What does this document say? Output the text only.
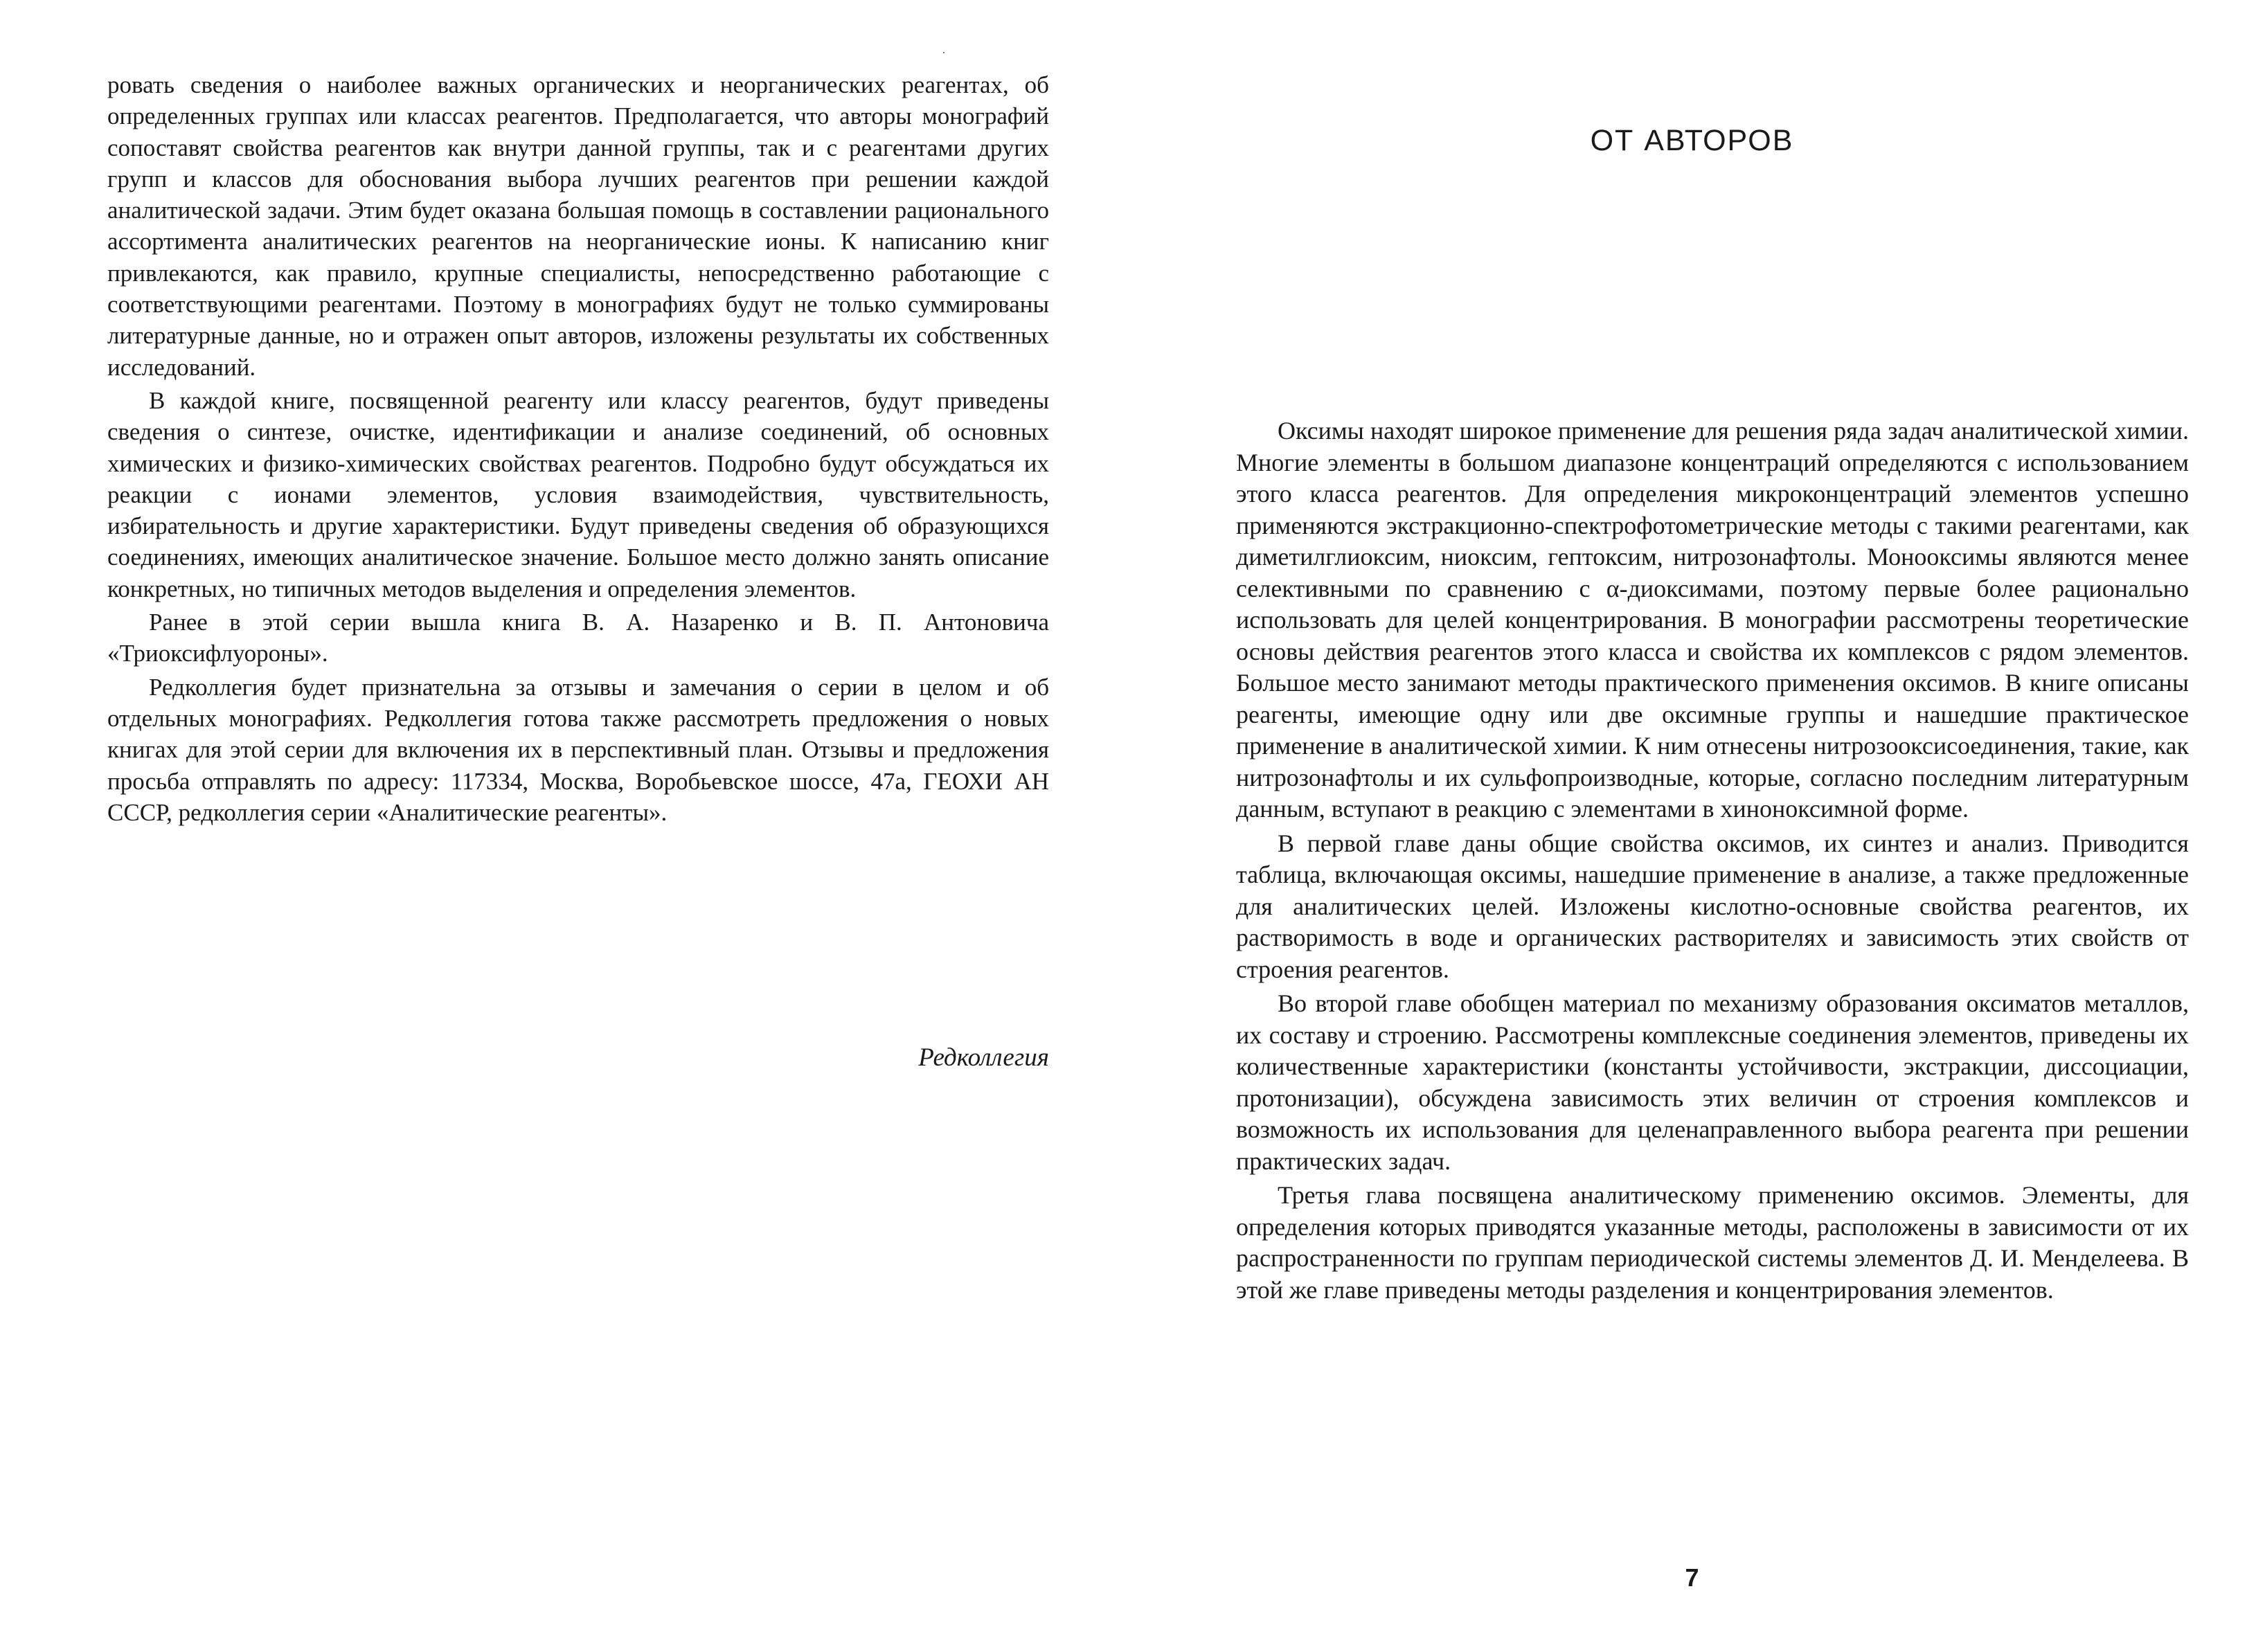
ровать сведения о наиболее важных органических и неорганических реагентах, об определенных группах или классах реагентов. Предполагается, что авторы монографий сопоставят свойства реагентов как внутри данной группы, так и с реагентами других групп и классов для обоснования выбора лучших реагентов при решении каждой аналитической задачи. Этим будет оказана большая помощь в составлении рационального ассортимента аналитических реагентов на неорганические ионы. К написанию книг привлекаются, как правило, крупные специалисты, непосредственно работающие с соответствующими реагентами. Поэтому в монографиях будут не только суммированы литературные данные, но и отражен опыт авторов, изложены результаты их собственных исследований.

В каждой книге, посвященной реагенту или классу реагентов, будут приведены сведения о синтезе, очистке, идентификации и анализе соединений, об основных химических и физико-химических свойствах реагентов. Подробно будут обсуждаться их реакции с ионами элементов, условия взаимодействия, чувствительность, избирательность и другие характеристики. Будут приведены сведения об образующихся соединениях, имеющих аналитическое значение. Большое место должно занять описание конкретных, но типичных методов выделения и определения элементов.

Ранее в этой серии вышла книга В. А. Назаренко и В. П. Антоновича «Триоксифлуороны».

Редколлегия будет признательна за отзывы и замечания о серии в целом и об отдельных монографиях. Редколлегия готова также рассмотреть предложения о новых книгах для этой серии для включения их в перспективный план. Отзывы и предложения просьба отправлять по адресу: 117334, Москва, Воробьевское шоссе, 47а, ГЕОХИ АН СССР, редколлегия серии «Аналитические реагенты».

Редколлегия
ОТ АВТОРОВ

Оксимы находят широкое применение для решения ряда задач аналитической химии. Многие элементы в большом диапазоне концентраций определяются с использованием этого класса реагентов. Для определения микроконцентраций элементов успешно применяются экстракционно-спектрофотометрические методы с такими реагентами, как диметилглиоксим, ниоксим, гептоксим, нитрозонафтолы. Монооксимы являются менее селективными по сравнению с α-диоксимами, поэтому первые более рационально использовать для целей концентрирования. В монографии рассмотрены теоретические основы действия реагентов этого класса и свойства их комплексов с рядом элементов. Большое место занимают методы практического применения оксимов. В книге описаны реагенты, имеющие одну или две оксимные группы и нашедшие практическое применение в аналитической химии. К ним отнесены нитрозооксисоединения, такие, как нитрозонафтолы и их сульфопроизводные, которые, согласно последним литературным данным, вступают в реакцию с элементами в хиноноксимной форме.

В первой главе даны общие свойства оксимов, их синтез и анализ. Приводится таблица, включающая оксимы, нашедшие применение в анализе, а также предложенные для аналитических целей. Изложены кислотно-основные свойства реагентов, их растворимость в воде и органических растворителях и зависимость этих свойств от строения реагентов.

Во второй главе обобщен материал по механизму образования оксиматов металлов, их составу и строению. Рассмотрены комплексные соединения элементов, приведены их количественные характеристики (константы устойчивости, экстракции, диссоциации, протонизации), обсуждена зависимость этих величин от строения комплексов и возможность их использования для целенаправленного выбора реагента при решении практических задач.

Третья глава посвящена аналитическому применению оксимов. Элементы, для определения которых приводятся указанные методы, расположены в зависимости от их распространенности по группам периодической системы элементов Д. И. Менделеева. В этой же главе приведены методы разделения и концентрирования элементов.

7
